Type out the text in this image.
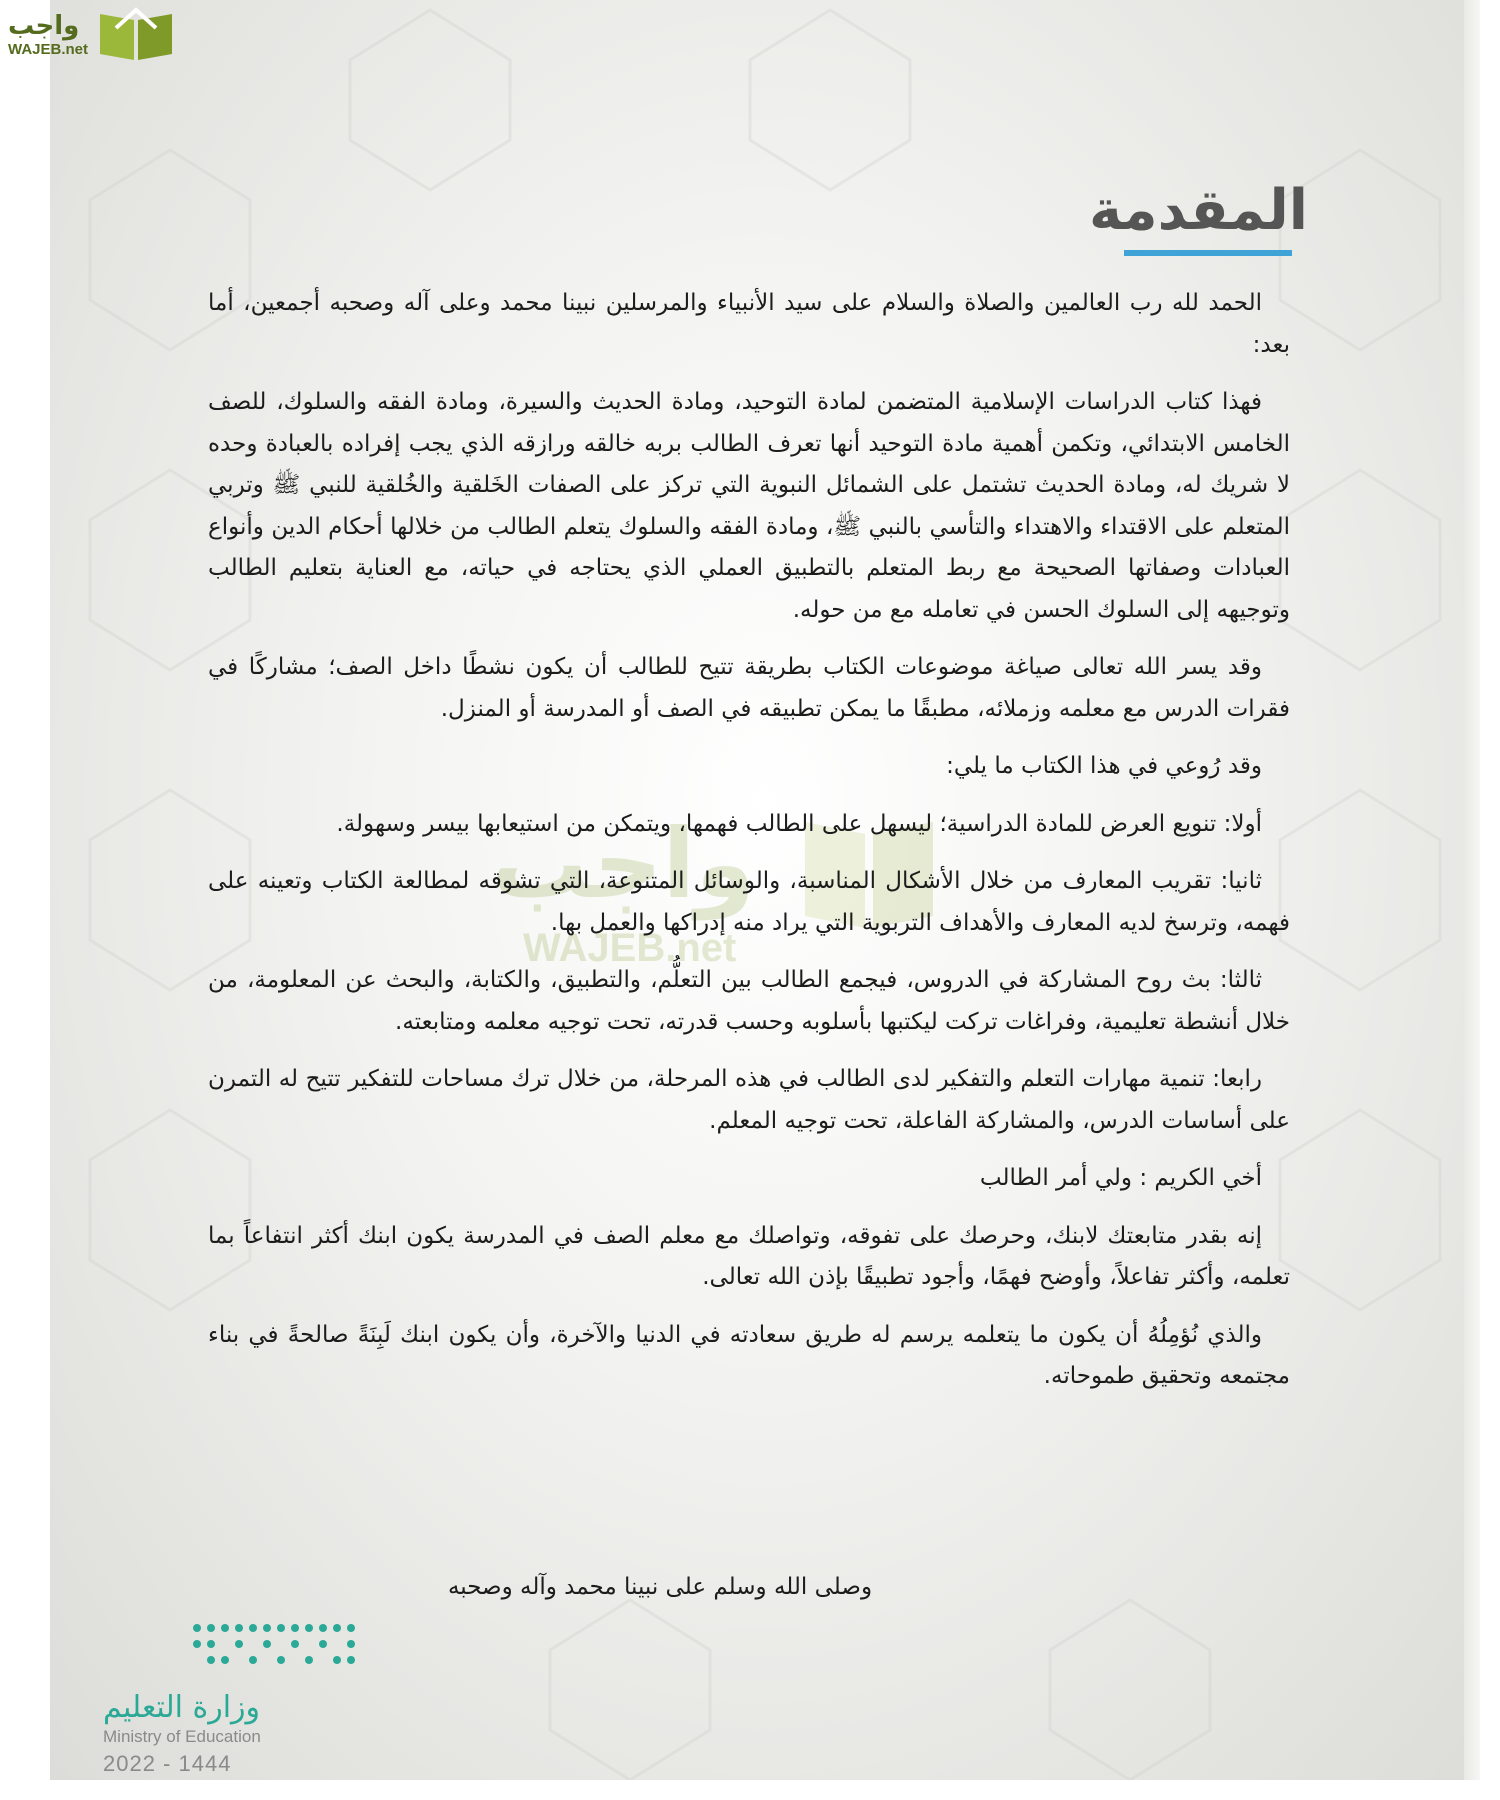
واجب
WAJEB.net
المقدمة
واجب
WAJEB.net

الحمد لله رب العالمين والصلاة والسلام على سيد الأنبياء والمرسلين نبينا محمد وعلى آله وصحبه أجمعين، أما بعد:

فهذا كتاب الدراسات الإسلامية المتضمن لمادة التوحيد، ومادة الحديث والسيرة، ومادة الفقه والسلوك، للصف الخامس الابتدائي، وتكمن أهمية مادة التوحيد أنها تعرف الطالب بربه خالقه ورازقه الذي يجب إفراده بالعبادة وحده لا شريك له، ومادة الحديث تشتمل على الشمائل النبوية التي تركز على الصفات الخَلقية والخُلقية للنبي ﷺ وتربي المتعلم على الاقتداء والاهتداء والتأسي بالنبي ﷺ، ومادة الفقه والسلوك يتعلم الطالب من خلالها أحكام الدين وأنواع العبادات وصفاتها الصحيحة مع ربط المتعلم بالتطبيق العملي الذي يحتاجه في حياته، مع العناية بتعليم الطالب وتوجيهه إلى السلوك الحسن في تعامله مع من حوله.

وقد يسر الله تعالى صياغة موضوعات الكتاب بطريقة تتيح للطالب أن يكون نشطًا داخل الصف؛ مشاركًا في فقرات الدرس مع معلمه وزملائه، مطبقًا ما يمكن تطبيقه في الصف أو المدرسة أو المنزل.

وقد رُوعي في هذا الكتاب ما يلي:

أولا: تنويع العرض للمادة الدراسية؛ ليسهل على الطالب فهمها، ويتمكن من استيعابها بيسر وسهولة.

ثانيا: تقريب المعارف من خلال الأشكال المناسبة، والوسائل المتنوعة، التي تشوقه لمطالعة الكتاب وتعينه على فهمه، وترسخ لديه المعارف والأهداف التربوية التي يراد منه إدراكها والعمل بها.

ثالثا: بث روح المشاركة في الدروس، فيجمع الطالب بين التعلُّم، والتطبيق، والكتابة، والبحث عن المعلومة، من خلال أنشطة تعليمية، وفراغات تركت ليكتبها بأسلوبه وحسب قدرته، تحت توجيه معلمه ومتابعته.

رابعا: تنمية مهارات التعلم والتفكير لدى الطالب في هذه المرحلة، من خلال ترك مساحات للتفكير تتيح له التمرن على أساسات الدرس، والمشاركة الفاعلة، تحت توجيه المعلم.

أخي الكريم : ولي أمر الطالب

إنه بقدر متابعتك لابنك، وحرصك على تفوقه، وتواصلك مع معلم الصف في المدرسة يكون ابنك أكثر انتفاعاً بما تعلمه، وأكثر تفاعلاً، وأوضح فهمًا، وأجود تطبيقًا بإذن الله تعالى.

والذي نُؤمِلُهُ أن يكون ما يتعلمه يرسم له طريق سعادته في الدنيا والآخرة، وأن يكون ابنك لَبِنَةً صالحةً في بناء مجتمعه وتحقيق طموحاته.

وصلى الله وسلم على نبينا محمد وآله وصحبه
وزارة التعليم
Ministry of Education
2022 - 1444
